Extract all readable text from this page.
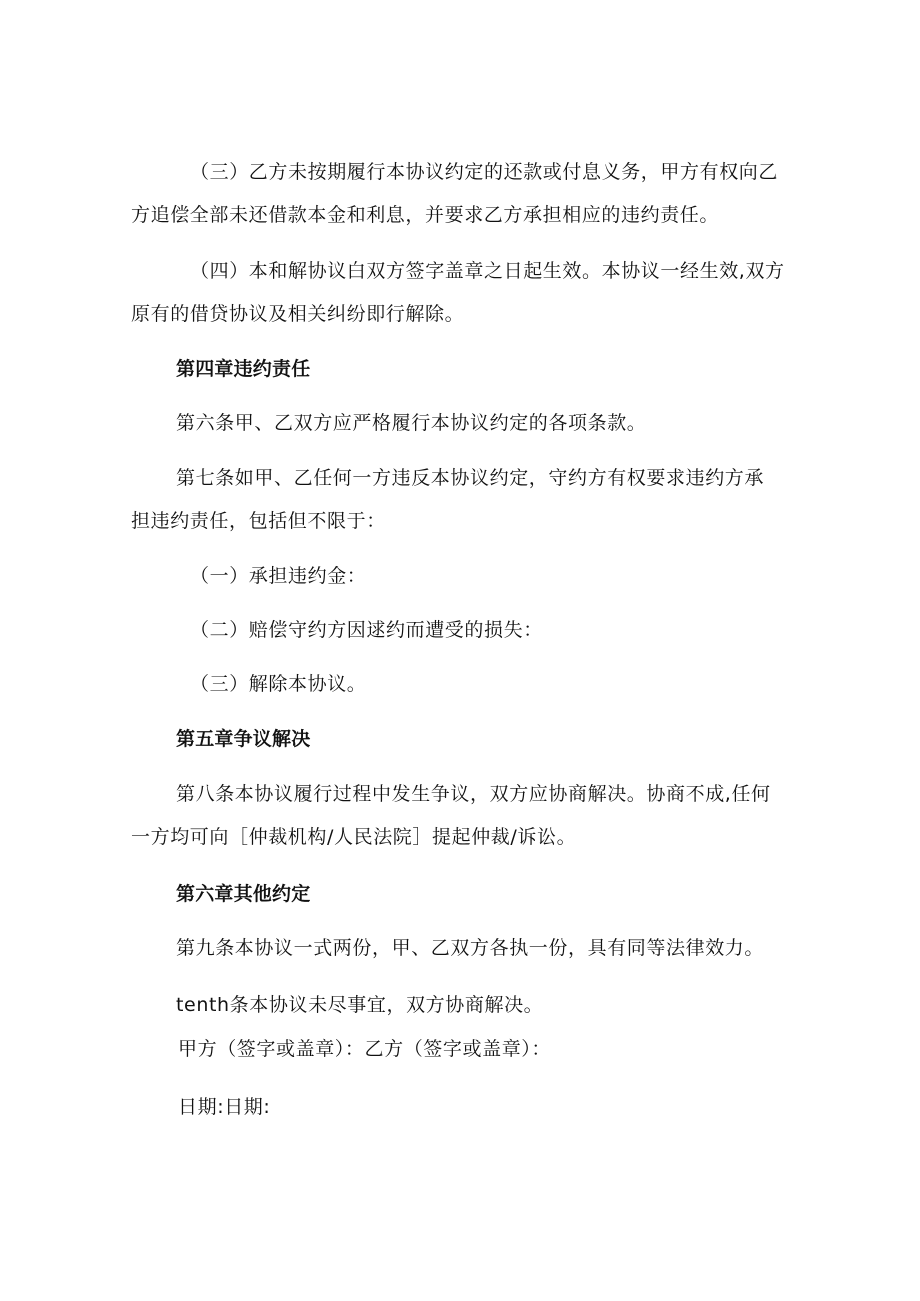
（三）乙方未按期履行本协议约定的还款或付息义务，甲方有权向乙
方追偿全部未还借款本金和利息，并要求乙方承担相应的违约责任。
（四）本和解协议白双方签字盖章之日起生效。本协议一经生效,双方
原有的借贷协议及相关纠纷即行解除。
第四章违约责任
第六条甲、乙双方应严格履行本协议约定的各项条款。
第七条如甲、乙任何一方违反本协议约定，守约方有权要求违约方承
担违约责任，包括但不限于：
（一）承担违约金：
（二）赔偿守约方因逑约而遭受的损失：
（三）解除本协议。
第五章争议解决
第八条本协议履行过程中发生争议，双方应协商解决。协商不成,任何
一方均可向［仲裁机构/人民法院］提起仲裁/诉讼。
第六章其他约定
第九条本协议一式两份，甲、乙双方各执一份，具有同等法律效力。
tenth条本协议未尽事宜，双方协商解决。
甲方（签字或盖章）：乙方（签字或盖章）：
日期:日期:
